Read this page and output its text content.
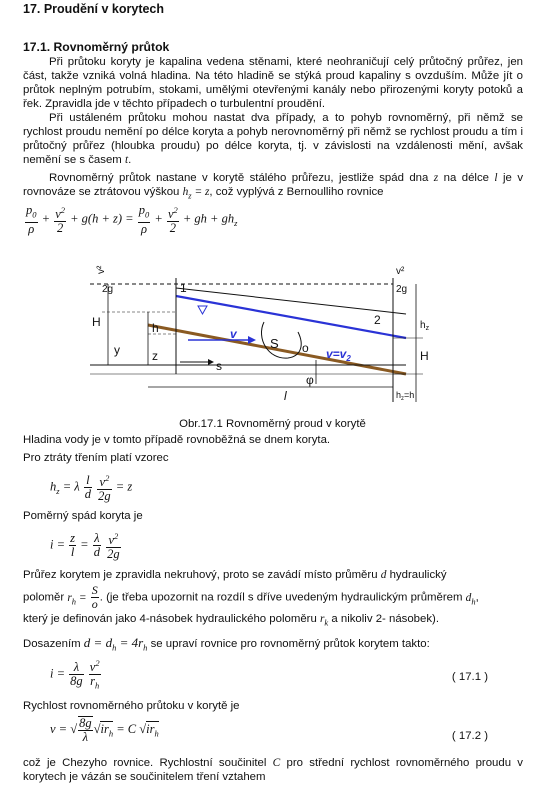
17. Proudění v korytech
17.1. Rovnoměrný průtok
Při průtoku koryty je kapalina vedena stěnami, které neohraničují celý průtočný průřez, jen část, takže vzniká volná hladina. Na této hladině se stýká proud kapaliny s ovzduším. Může jít o průtok neplným potrubím, stokami, umělými otevřenými kanály nebo přirozenými koryty potoků a řek. Zpravidla jde v těchto případech o turbulentní proudění.
Při ustáleném průtoku mohou nastat dva případy, a to pohyb rovnoměrný, při němž se rychlost proudu nemění po délce koryta a pohyb nerovnoměrný při němž se rychlost proudu a tím i průtočný průřez (hloubka proudu) po délce koryta, tj. v závislosti na vzdálenosti mění, avšak nemění se s časem t.
Rovnoměrný průtok nastane v korytě stálého průřezu, jestliže spád dna z na délce l je v rovnováze se ztrátovou výškou $h_z = z$, což vyplývá z Bernoulliho rovnice
$\frac{p_0}{\rho} + \frac{v^2}{2} + g(h + z) = \frac{p_0}{\rho} + \frac{v^2}{2}$ + gh + $gh_z$
v²
2g
H	h
y	z
1
2
v
S o $v=v_2$
s
l
φ
v²
2g
$h_z$
H
$h_z=h$
Obr.17.1 Rovnoměrný proud v korytě
Hladina vody je v tomto případě rovnoběžná se dnem koryta.
Pro ztráty třením platí vzorec
$h_z = \lambda \frac{l}{d}$
$\frac{v^2}{2g} = z$
Poměrný spád koryta je
$i = \frac{z}{l} = \frac{\lambda}{d}$
$\frac{v^2}{2g}$
Průřez korytem je zpravidla nekruhový, proto se zavádí místo průměru d hydraulický
poloměr $r_h = \frac{S}{o}$ . (je třeba upozornit na rozdíl s dříve uvedeným hydraulickým průměrem $d_h$,
který je definován jako 4-násobek hydraulického poloměru $r_k$ a nikoliv 2- násobek).
Dosazením $d = d_h = 4r_h$ se upraví rovnice pro rovnoměrný průtok korytem takto:
$i = \frac{\lambda}{8g}$
$\frac{v^2}{r_h}$	( 17.1 )
Rychlost rovnoměrného průtoku v korytě je
v = √ $\frac{8g}{\lambda} √ir_h = C$ $√ir_h$	( 17.2 )
což je Chezyho rovnice. Rychlostní součinitel C pro střední rychlost rovnoměrného proudu v korytech je vázán se součinitelem tření vztahem
